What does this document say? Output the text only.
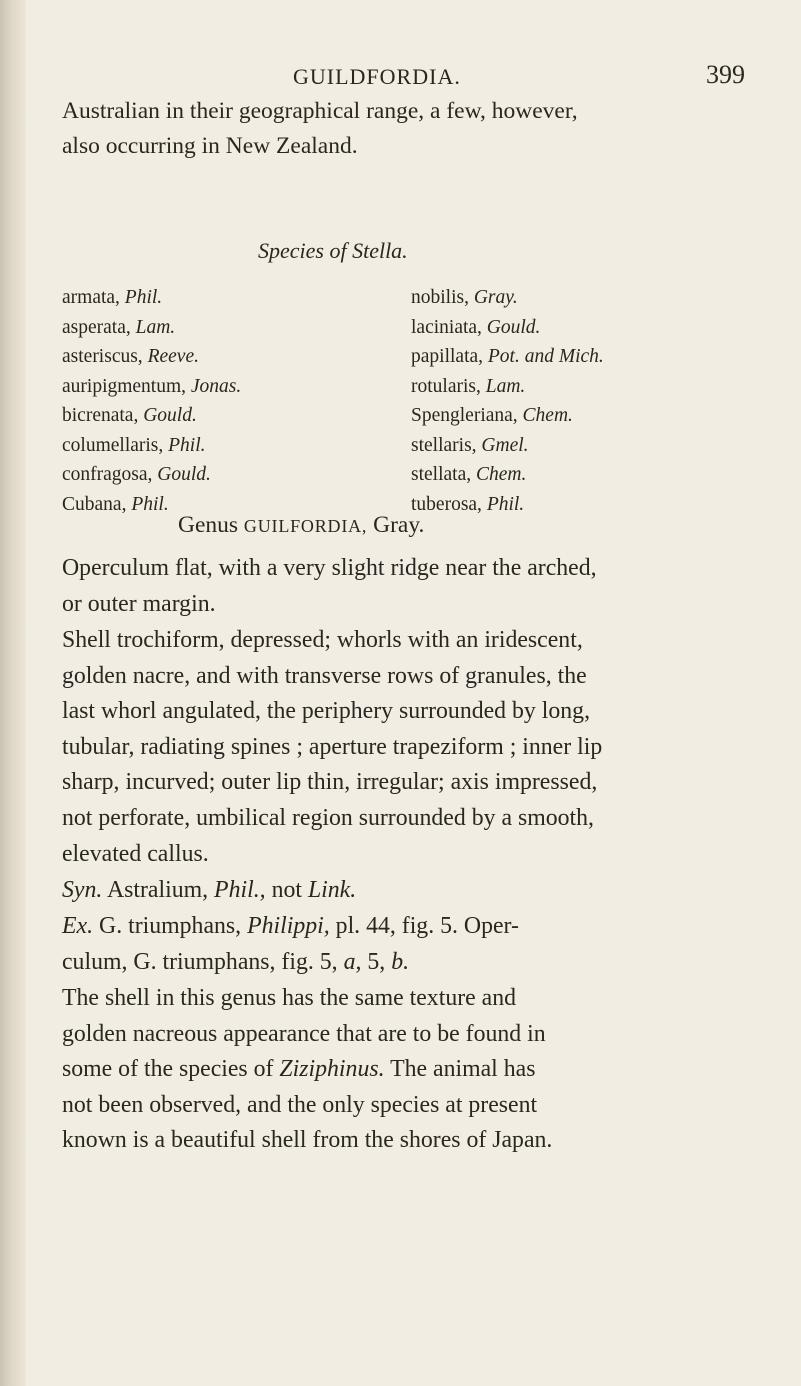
GUILDFORDIA.	399
Australian in their geographical range, a few, however,
also occurring in New Zealand.
Species of Stella.
armata, Phil.
asperata, Lam.
asteriscus, Reeve.
auripigmentum, Jonas.
bicrenata, Gould.
columellaris, Phil.
confragosa, Gould.
Cubana, Phil.
nobilis, Gray.
laciniata, Gould.
papillata, Pot. and Mich.
rotularis, Lam.
Spengleriana, Chem.
stellaris, Gmel.
stellata, Chem.
tuberosa, Phil.
Genus GUILFORDIA, Gray.
Operculum flat, with a very slight ridge near the arched,
or outer margin.
Shell trochiform, depressed; whorls with an iridescent,
golden nacre, and with transverse rows of granules, the
last whorl angulated, the periphery surrounded by long,
tubular, radiating spines ; aperture trapeziform ; inner lip
sharp, incurved; outer lip thin, irregular; axis impressed,
not perforate, umbilical region surrounded by a smooth,
elevated callus.
Syn. Astralium, Phil., not Link.
Ex. G. triumphans, Philippi, pl. 44, fig. 5. Oper-
culum, G. triumphans, fig. 5, a, 5, b.
The shell in this genus has the same texture and
golden nacreous appearance that are to be found in
some of the species of Ziziphinus. The animal has
not been observed, and the only species at present
known is a beautiful shell from the shores of Japan.
